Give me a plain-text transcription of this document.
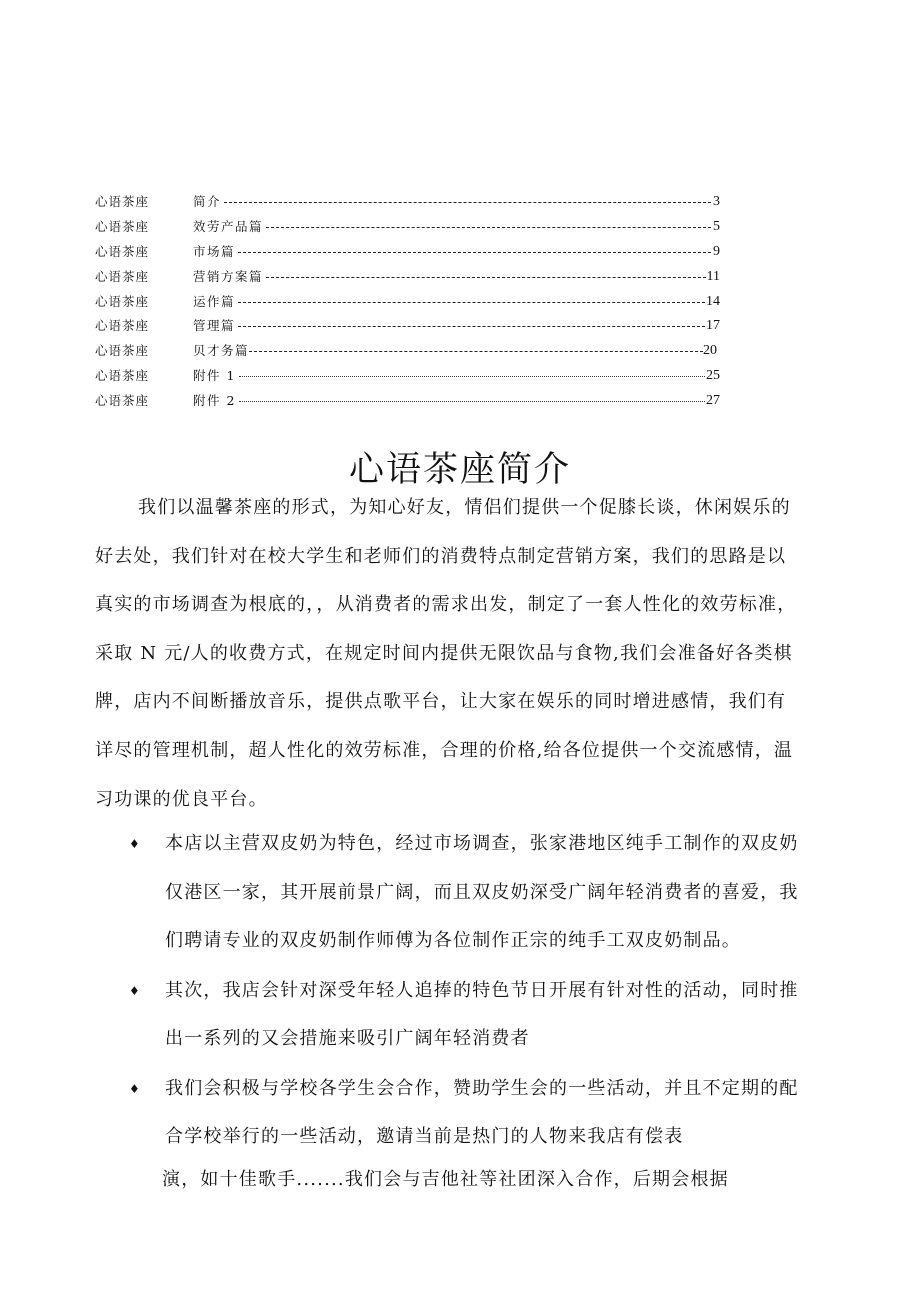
心语茶座	简介	3
心语茶座	效劳产品篇	5
心语茶座	市场篇	9
心语茶座	营销方案篇	11
心语茶座	运作篇	14
心语茶座	管理篇	17
心语茶座	贝才务篇	20
心语茶座	附件 1	25
心语茶座	附件 2	27
心语茶座简介

我们以温馨茶座的形式，为知心好友，情侣们提供一个促膝长谈，休闲娱乐的
好去处，我们针对在校大学生和老师们的消费特点制定营销方案，我们的思路是以
真实的市场调查为根底的，，从消费者的需求出发，制定了一套人性化的效劳标准，
采取 N 元/人的收费方式，在规定时间内提供无限饮品与食物,我们会准备好各类棋
牌，店内不间断播放音乐，提供点歌平台，让大家在娱乐的同时增进感情，我们有
详尽的管理机制，超人性化的效劳标准，合理的价格,给各位提供一个交流感情，温
习功课的优良平台。

♦ 本店以主营双皮奶为特色，经过市场调查，张家港地区纯手工制作的双皮奶
仅港区一家，其开展前景广阔，而且双皮奶深受广阔年轻消费者的喜爱，我
们聘请专业的双皮奶制作师傅为各位制作正宗的纯手工双皮奶制品。
♦ 其次，我店会针对深受年轻人追捧的特色节日开展有针对性的活动，同时推
出一系列的又会措施来吸引广阔年轻消费者
♦ 我们会积极与学校各学生会合作，赞助学生会的一些活动，并且不定期的配
合学校举行的一些活动，邀请当前是热门的人物来我店有偿表
演，如十佳歌手.......我们会与吉他社等社团深入合作，后期会根据
